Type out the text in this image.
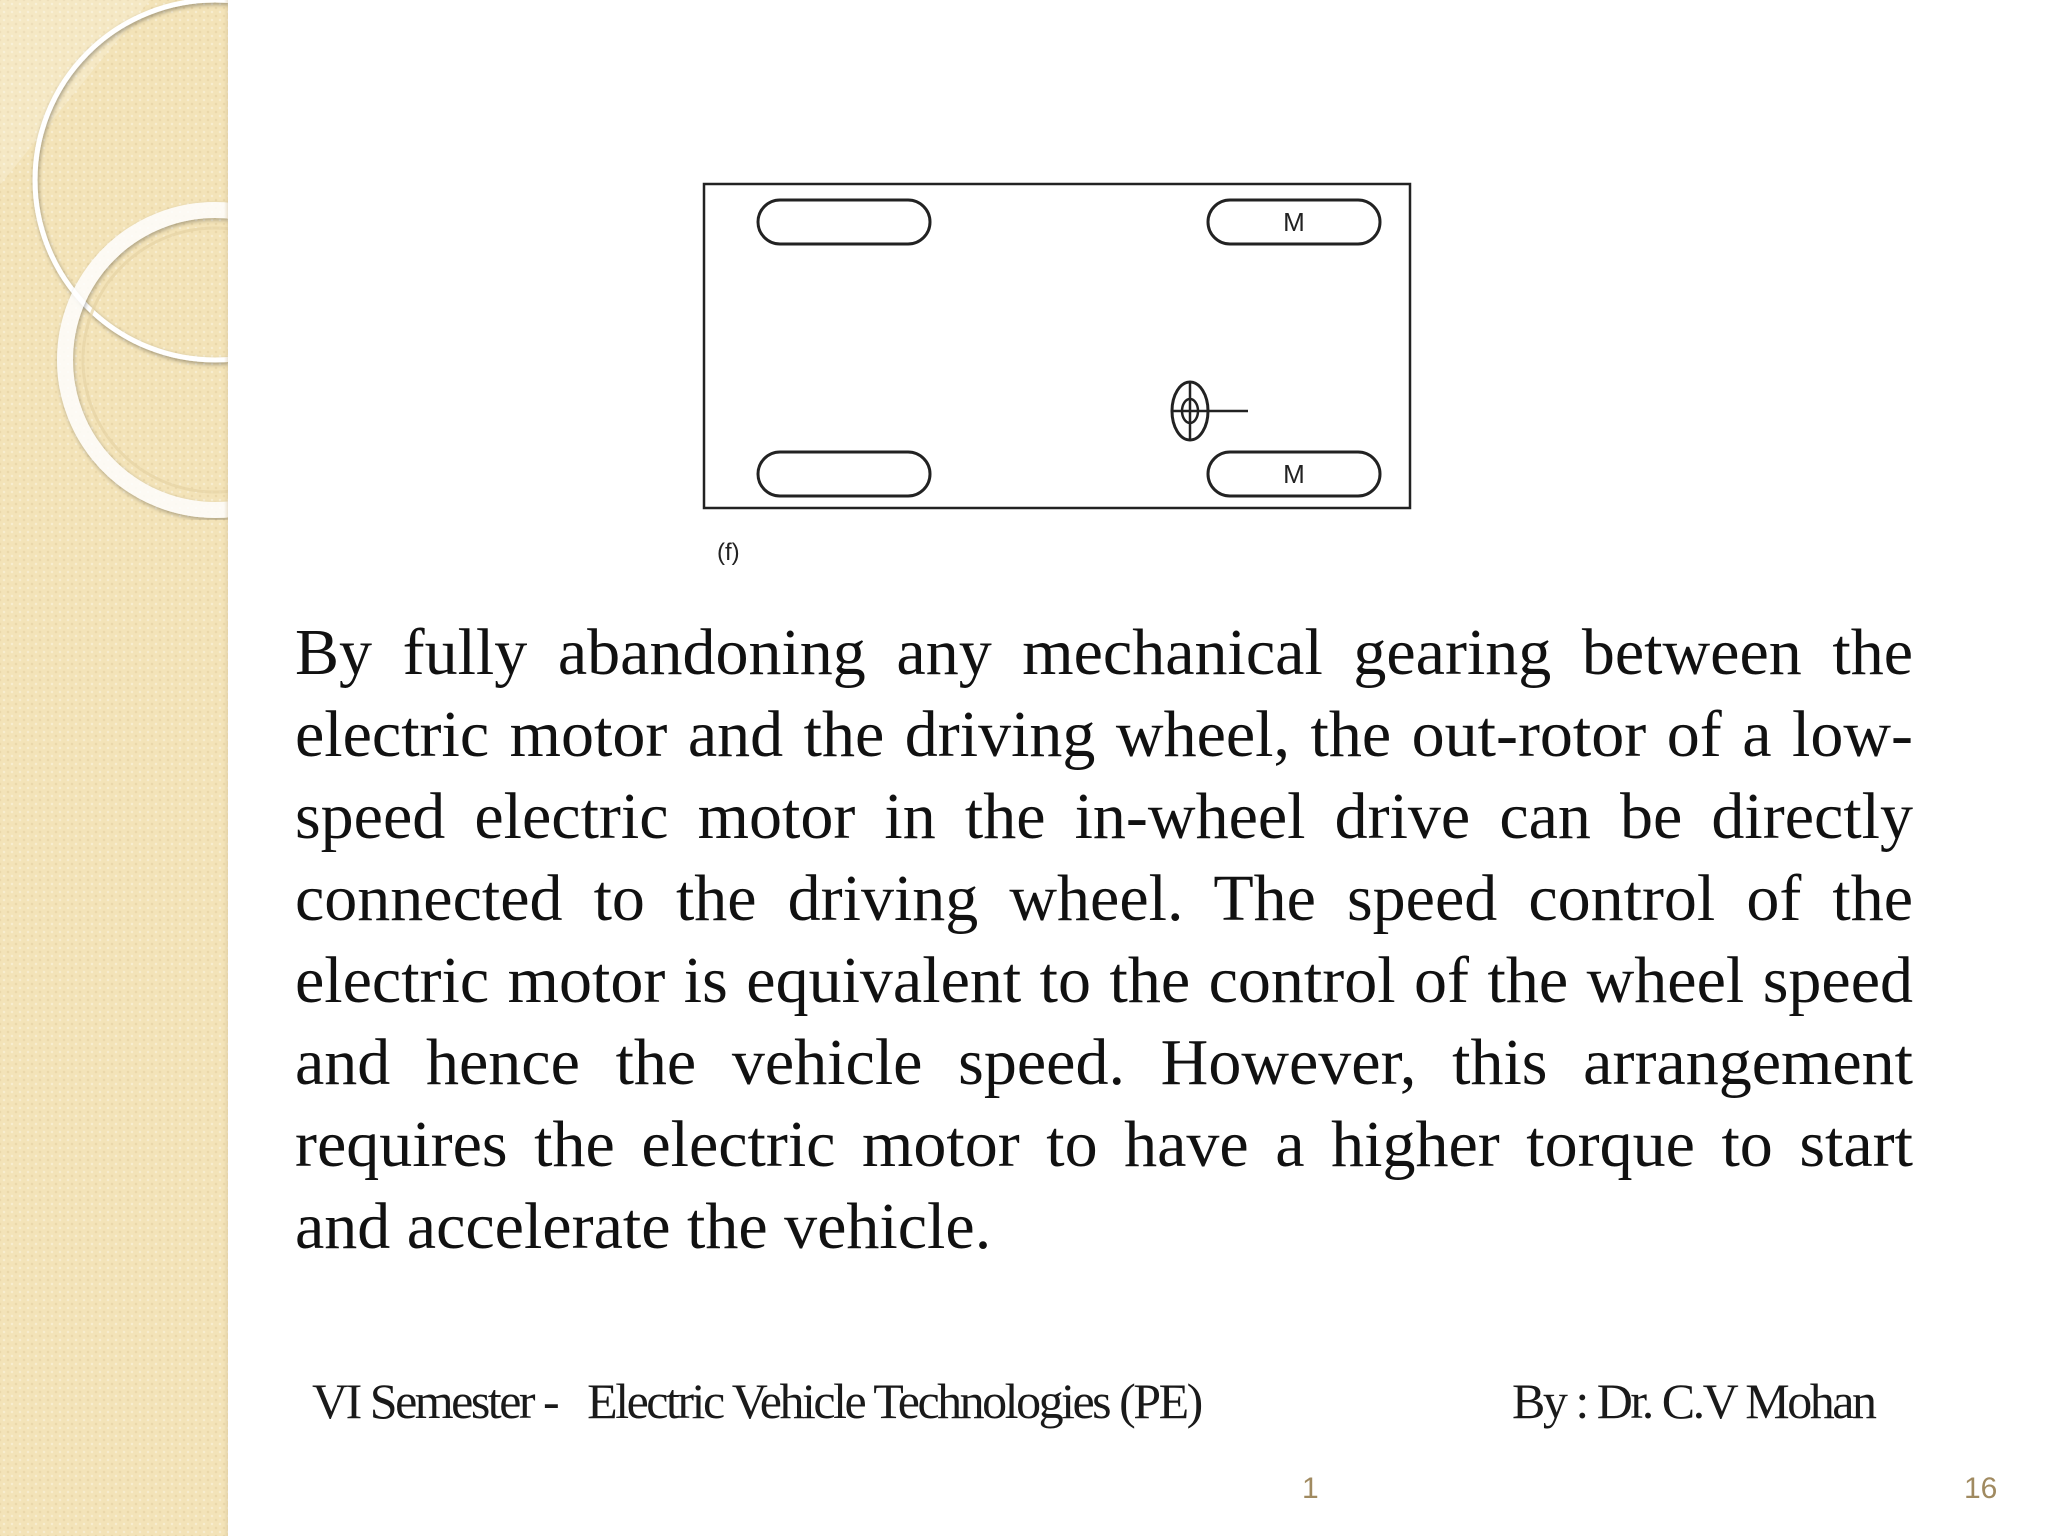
M
M
(f)

By fully abandoning any mechanical gearing between the electric motor and the driving wheel, the out-rotor of a low-speed electric motor in the in-wheel drive can be directly connected to the driving wheel. The speed control of the electric motor is equivalent to the control of the wheel speed and hence the vehicle speed. However, this arrangement requires the electric motor to have a higher torque to start and accelerate the vehicle.

VI Semester -   Electric Vehicle Technologies (PE)	By : Dr. C.V Mohan
1	16
